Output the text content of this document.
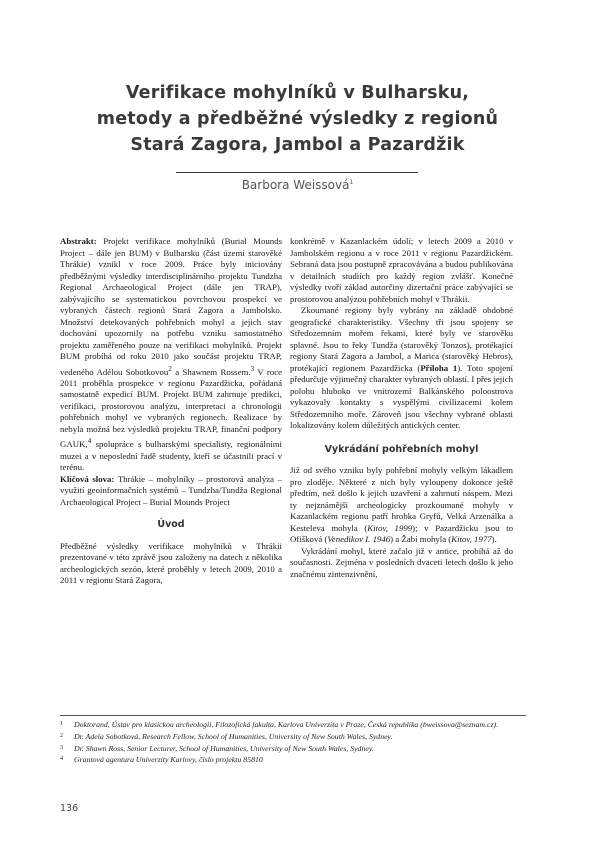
Verifikace mohylníků v Bulharsku,
metody a předběžné výsledky z regionů
Stará Zagora, Jambol a Pazardžik
Barbora Weissová$^1$

Abstrakt: Projekt verifikace mohylníků (Burial Mounds Project – dále jen BUM) v Bulharsku (část území starověké Thrákie) vznikl v roce 2009. Práce byly iniciovány předběžnými výsledky interdisciplinárního projektu Tundzha Regional Archaeological Project (dále jen TRAP), zabývajícího se systematickou povrchovou prospekcí ve vybraných částech regionů Stará Zagora a Jambolsko. Množství detekovaných pohřebních mohyl a jejich stav dochování upozornily na potřebu vzniku samostatného projektu zaměřeného pouze na verifikaci mohylníků. Projekt BUM probíhá od roku 2010 jako součást projektu TRAP, vedeného Adélou Sobotkovou$^2$ a Shawnem Rossem.$^3$ V roce 2011 proběhla prospekce v regionu Pazardžicka, pořádaná samostatně expedicí BUM. Projekt BUM zahrnuje predikci, verifikaci, prostorovou analýzu, interpretaci a chronologii pohřebních mohyl ve vybraných regionech. Realizace by nebyla možná bez výsledků projektu TRAP, finanční podpory GAUK,$^4$ spolupráce s bulharskými specialisty, regionálními muzei a v neposlední řadě studenty, kteří se účastnili prací v terénu.

Klíčová slova: Thrákie – mohylníky – prostorová analýza – využití geoinformačních systémů – Tundzha/Tundža Regional Archaeological Project – Burial Mounds Project

Úvod

Předběžné výsledky verifikace mohylníků v Thrákii prezentované v této zprávě jsou založeny na datech z několika archeologických sezón, které proběhly v letech 2009, 2010 a 2011 v regionu Stará Zagora,

konkrétně v Kazanlackém údolí; v letech 2009 a 2010 v Jambolském regionu a v roce 2011 v regionu Pazardžickém. Sebraná data jsou postupně zpracovávána a budou publikována v detailních studiích pro každý region zvlášť. Konečné výsledky tvoří základ autorčiny dizertační práce zabývající se prostorovou analýzou pohřebních mohyl v Thrákii.

Zkoumané regiony byly vybrány na základě obdobné geografické charakteristiky. Všechny tři jsou spojeny se Středozemním mořem řekami, které byly ve starověku splavné. Jsou to řeky Tundža (starověký Tonzos), protékající regiony Stará Zagora a Jambol, a Marica (starověký Hebros), protékající regionem Pazardžicka (Příloha 1). Toto spojení předurčuje výjimečný charakter vybraných oblastí. I přes jejich polohu hluboko ve vnitrozemí Balkánského poloostrova vykazovaly kontakty s vyspělými civilizacemi kolem Středozemního moře. Zároveň jsou všechny vybrané oblasti lokalizovány kolem důležitých antických center.

Vykrádání pohřebních mohyl

Již od svého vzniku byly pohřební mohyly velkým lákadlem pro zloděje. Některé z nich byly vyloupeny dokonce ještě předtím, než došlo k jejich uzavření a zahrnutí náspem. Mezi ty nejznámější archeologicky prozkoumané mohyly v Kazanlackém regionu patří hrobka Gryfů, Velká Arzenálka a Kesteleva mohyla (Kitov, 1999); v Pazardžicku jsou to Ofišková (Venedikov I. 1946) a Žabí mohyla (Kitov, 1977).

Vykrádání mohyl, které začalo již v antice, probíhá až do současnosti. Zejména v posledních dvaceti letech došlo k jeho značnému zintenzivnění,

1 Doktorand, Ústav pro klasickou archeologii, Filozofická fakulta, Karlova Univerzita v Praze, Česká republika (bweissova@seznam.cz).
2 Dr. Adela Sobotková, Research Fellow, School of Humanities, University of New South Wales, Sydney.
3 Dr. Shawn Ross, Senior Lecturer, School of Humanities, University of New South Wales, Sydney.
4 Grantová agentura Univerzity Karlovy, číslo projektu 85810
136
